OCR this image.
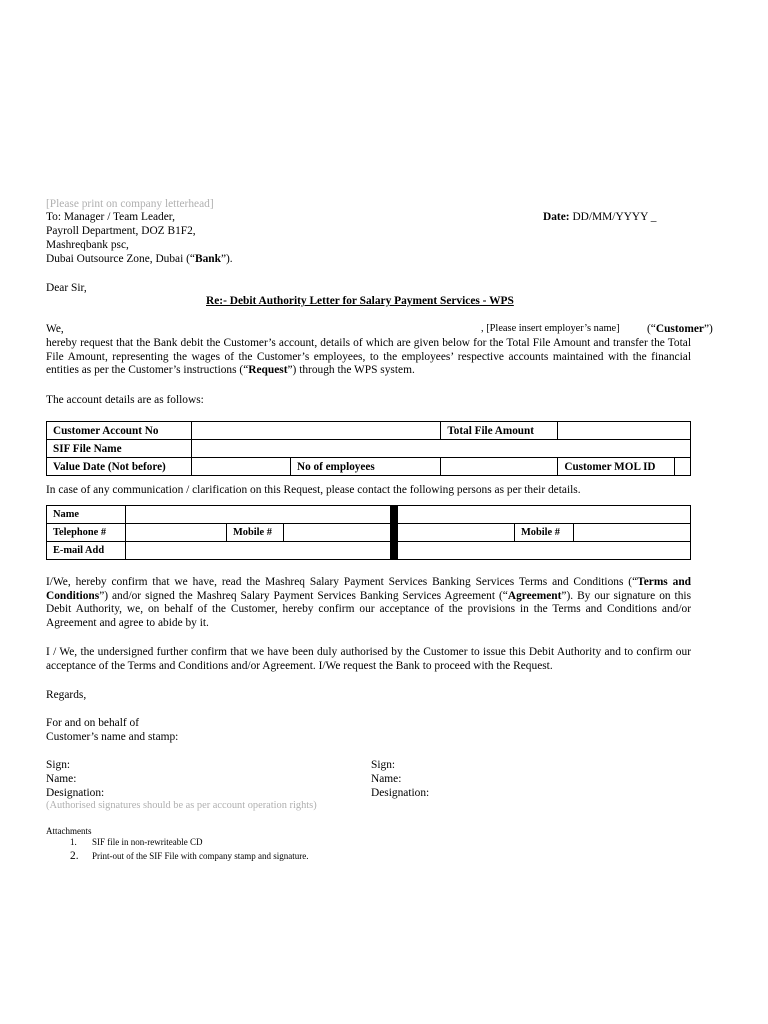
[Please print on company letterhead]
To: Manager / Team Leader,
Payroll Department, DOZ B1F2,
Mashreqbank psc,
Dubai Outsource Zone, Dubai (“Bank”).
Date: DD/MM/YYYY _
Dear Sir,
Re:- Debit Authority Letter for Salary Payment Services - WPS
We,	, [Please insert employer’s name] (“Customer”)
hereby request that the Bank debit the Customer’s account, details of which are given below for the Total File Amount and transfer the Total File Amount, representing the wages of the Customer’s employees, to the employees’ respective accounts maintained with the financial entities as per the Customer’s instructions (“Request”) through the WPS system.
The account details are as follows:
Customer Account No			Total File Amount		
SIF File Name					
Value Date (Not before)		No of employees		Customer MOL ID	
In case of any communication / clarification on this Request, please contact the following persons as per their details.
Name							
Telephone #		Mobile #				Mobile #	
E-mail Add							
I/We, hereby confirm that we have, read the Mashreq Salary Payment Services Banking Services Terms and Conditions (“Terms and Conditions”) and/or signed the Mashreq Salary Payment Services Banking Services Agreement (“Agreement”). By our signature on this Debit Authority, we, on behalf of the Customer, hereby confirm our acceptance of the provisions in the Terms and Conditions and/or Agreement and agree to abide by it.
I / We, the undersigned further confirm that we have been duly authorised by the Customer to issue this Debit Authority and to confirm our acceptance of the Terms and Conditions and/or Agreement. I/We request the Bank to proceed with the Request.
Regards,
For and on behalf of
Customer’s name and stamp:
Sign:
Name:
Designation:
Sign:
Name:
Designation:
(Authorised signatures should be as per account operation rights)
Attachments
1. SIF file in non-rewriteable CD
2. Print-out of the SIF File with company stamp and signature.
